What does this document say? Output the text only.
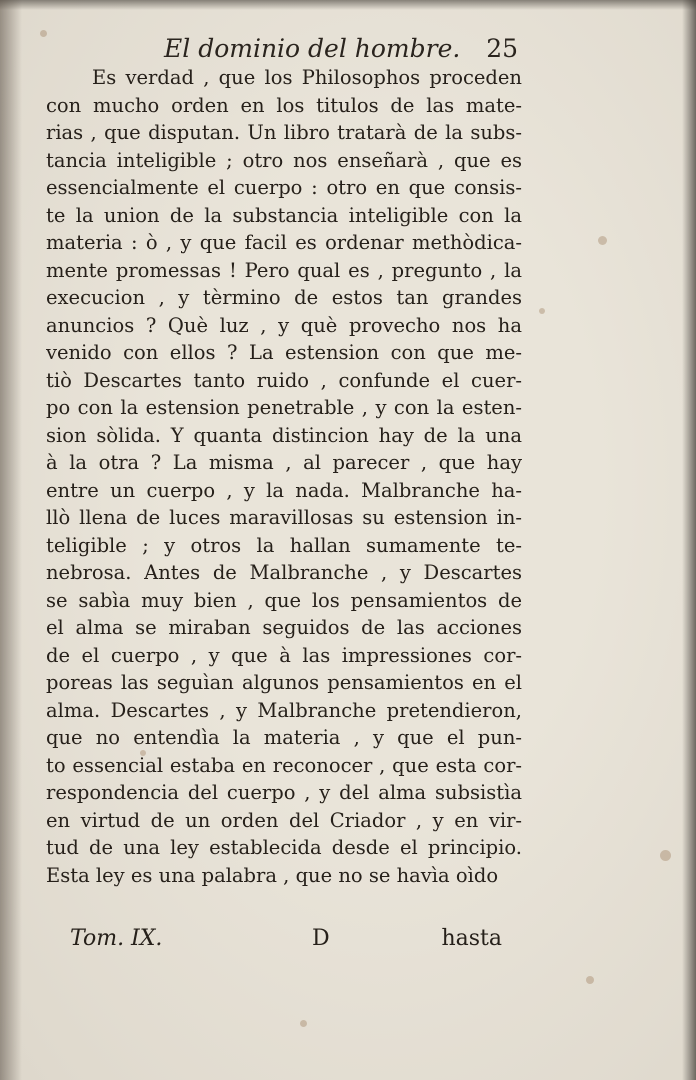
El dominio del hombre. 25
Es verdad , que los Philosophos proceden
con mucho orden en los titulos de las mate-
rias , que disputan. Un libro tratarà de la subs-
tancia inteligible ; otro nos enseñarà , que es
essencialmente el cuerpo : otro en que consis-
te la union de la substancia inteligible con la
materia : ò , y que facil es ordenar methòdica-
mente promessas ! Pero qual es , pregunto , la
execucion , y tèrmino de estos tan grandes
anuncios ? Què luz , y què provecho nos ha
venido con ellos ? La estension con que me-
tiò Descartes tanto ruido , confunde el cuer-
po con la estension penetrable , y con la esten-
sion sòlida. Y quanta distincion hay de la una
à la otra ? La misma , al parecer , que hay
entre un cuerpo , y la nada. Malbranche ha-
llò llena de luces maravillosas su estension in-
teligible ; y otros la hallan sumamente te-
nebrosa. Antes de Malbranche , y Descartes
se sabìa muy bien , que los pensamientos de
el alma se miraban seguidos de las acciones
de el cuerpo , y que à las impressiones cor-
poreas las seguìan algunos pensamientos en el
alma. Descartes , y Malbranche pretendieron,
que no entendìa la materia , y que el pun-
to essencial estaba en reconocer , que esta cor-
respondencia del cuerpo , y del alma subsistìa
en virtud de un orden del Criador , y en vir-
tud de una ley establecida desde el principio.
Esta ley es una palabra , que no se havìa oìdo
Tom. IX.	D	hasta
